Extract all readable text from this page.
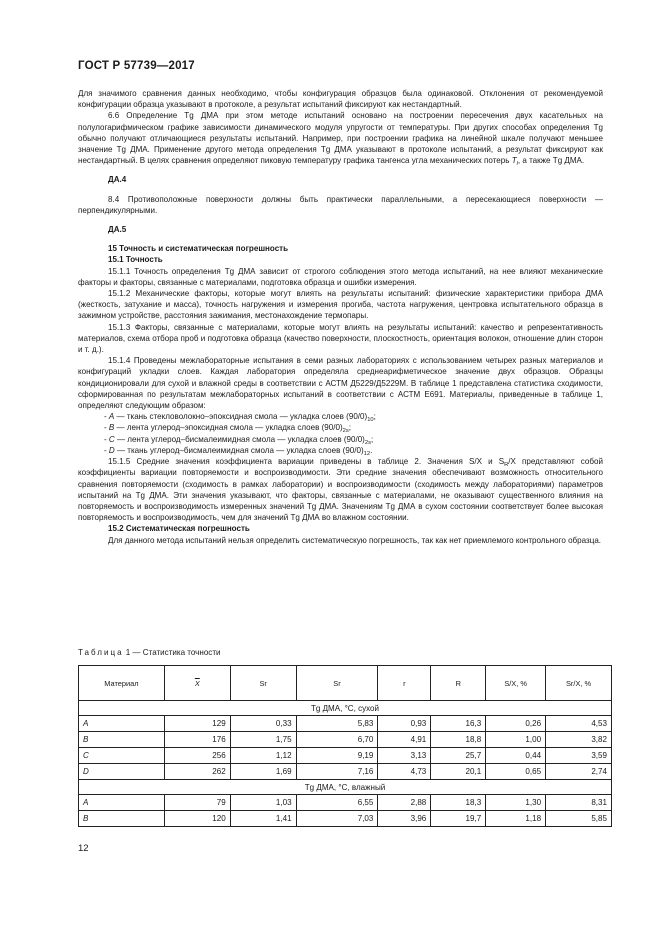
ГОСТ Р 57739—2017

Для значимого сравнения данных необходимо, чтобы конфигурация образцов была одинаковой. Отклонения от рекомендуемой конфигурации образца указывают в протоколе, а результат испытаний фиксируют как нестандартный.

6.6 Определение Tg ДМА при этом методе испытаний основано на построении пересечения двух касательных на полулогарифмическом графике зависимости динамического модуля упругости от температуры. При других способах определения Tg обычно получают отличающиеся результаты испытаний. Например, при построении графика на линейной шкале получают меньшее значение Tg ДМА. Применение другого метода определения Tg ДМА указывают в протоколе испытаний, а результат фиксируют как нестандартный. В целях сравнения определяют пиковую температуру графика тангенса угла механических потерь $T_l$, а также Tg ДМА.

ДА.4

8.4 Противоположные поверхности должны быть практически параллельными, а пересекающиеся поверхности — перпендикулярными.

ДА.5

15 Точность и систематическая погрешность

15.1 Точность

15.1.1 Точность определения Tg ДМА зависит от строгого соблюдения этого метода испытаний, на нее влияют механические факторы и факторы, связанные с материалами, подготовка образца и ошибки измерения.

15.1.2 Механические факторы, которые могут влиять на результаты испытаний: физические характеристики прибора ДМА (жесткость, затухание и масса), точность нагружения и измерения прогиба, частота нагружения, центровка испытательного образца в зажимном устройстве, расстояния зажимания, местонахождение термопары.

15.1.3 Факторы, связанные с материалами, которые могут влиять на результаты испытаний: качество и репрезентативность материалов, схема отбора проб и подготовка образца (качество поверхности, плоскостность, ориентация волокон, отношение длин сторон и т. д.).

15.1.4 Проведены межлабораторные испытания в семи разных лабораториях с использованием четырех разных материалов и конфигураций укладки слоев. Каждая лаборатория определяла среднеарифметическое значение двух образцов. Образцы кондиционировали для сухой и влажной среды в соответствии с АСТМ Д5229/Д5229М. В таблице 1 представлена статистика сходимости, сформированная по результатам межлабораторных испытаний в соответствии с АСТМ Е691. Материалы, приведенные в таблице 1, определяют следующим образом:

- A — ткань стекловолокно–эпоксидная смола — укладка слоев $(90/0)_{10}$;

- B — лента углерод–эпоксидная смола — укладка слоев $(90/0)_{2s}$;

- C — лента углерод–бисмалеимидная смола — укладка слоев $(90/0)_{2s}$;

- D — ткань углерод–бисмалеимидная смола — укладка слоев $(90/0)_{12}$.

15.1.5 Средние значения коэффициента вариации приведены в таблице 2. Значения S/X и $S_R/X$ представляют собой коэффициенты вариации повторяемости и воспроизводимости. Эти средние значения обеспечивают возможность относительного сравнения повторяемости (сходимость в рамках лаборатории) и воспроизводимости (сходимость между лабораториями) параметров испытаний на Tg ДМА. Эти значения указывают, что факторы, связанные с материалами, не оказывают существенного влияния на повторяемость и воспроизводимость измеренных значений Tg ДМА. Значениям Tg ДМА в сухом состоянии соответствует более высокая повторяемость и воспроизводимость, чем для значений Tg ДМА во влажном состоянии.

15.2 Систематическая погрешность

Для данного метода испытаний нельзя определить систематическую погрешность, так как нет приемлемого контрольного образца.

Таблица 1 — Статистика точности
Материал	$\overline{X}$	Sr	Sr	r	R	S/X, %	Sr/X, %
Tg ДМА, °C, сухой							
A	129	0,33	5,83	0,93	16,3	0,26	4,53
B	176	1,75	6,70	4,91	18,8	1,00	3,82
C	256	1,12	9,19	3,13	25,7	0,44	3,59
D	262	1,69	7,16	4,73	20,1	0,65	2,74
Tg ДМА, °C, влажный							
A	79	1,03	6,55	2,88	18,3	1,30	8,31
B	120	1,41	7,03	3,96	19,7	1,18	5,85
12
